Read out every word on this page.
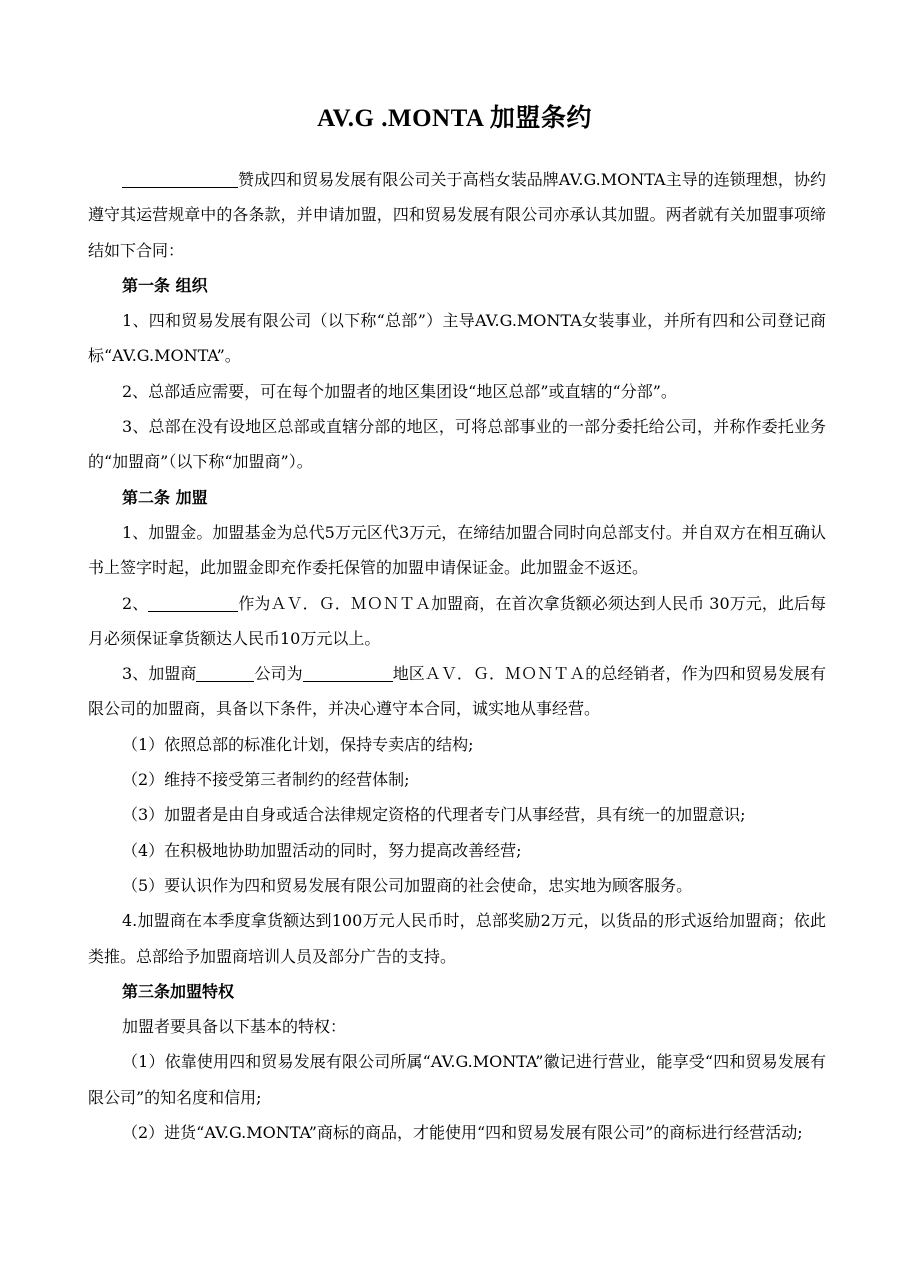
AV.G .MONTA 加盟条约

赞成四和贸易发展有限公司关于高档女装品牌AV.G.MONTA主导的连锁理想，协约遵守其运营规章中的各条款，并申请加盟，四和贸易发展有限公司亦承认其加盟。两者就有关加盟事项缔结如下合同：

第一条 组织

1、四和贸易发展有限公司（以下称“总部”）主导AV.G.MONTA女装事业，并所有四和公司登记商标“AV.G.MONTA”。

2、总部适应需要，可在每个加盟者的地区集团设“地区总部”或直辖的“分部”。

3、总部在没有设地区总部或直辖分部的地区，可将总部事业的一部分委托给公司，并称作委托业务的“加盟商”（以下称“加盟商”）。

第二条 加盟

1、加盟金。加盟基金为总代5万元区代3万元，在缔结加盟合同时向总部支付。并自双方在相互确认书上签字时起，此加盟金即充作委托保管的加盟申请保证金。此加盟金不返还。

2、	作为ＡＶ．Ｇ．ＭＯＮＴＡ加盟商，在首次拿货额必须达到人民币 30万元，此后每月必须保证拿货额达人民币10万元以上。

3、加盟商	公司为	地区ＡＶ．Ｇ．ＭＯＮＴＡ的总经销者，作为四和贸易发展有限公司的加盟商，具备以下条件，并决心遵守本合同，诚实地从事经营。

（1）依照总部的标准化计划，保持专卖店的结构;

（2）维持不接受第三者制约的经营体制;

（3）加盟者是由自身或适合法律规定资格的代理者专门从事经营，具有统一的加盟意识;

（4）在积极地协助加盟活动的同时，努力提高改善经营;

（5）要认识作为四和贸易发展有限公司加盟商的社会使命，忠实地为顾客服务。

4.加盟商在本季度拿货额达到100万元人民币时，总部奖励2万元，以货品的形式返给加盟商；依此类推。总部给予加盟商培训人员及部分广告的支持。

第三条加盟特权

加盟者要具备以下基本的特权：

（1）依靠使用四和贸易发展有限公司所属“AV.G.MONTA”徽记进行营业，能享受“四和贸易发展有限公司”的知名度和信用;

（2）进货“AV.G.MONTA”商标的商品，才能使用“四和贸易发展有限公司”的商标进行经营活动;
